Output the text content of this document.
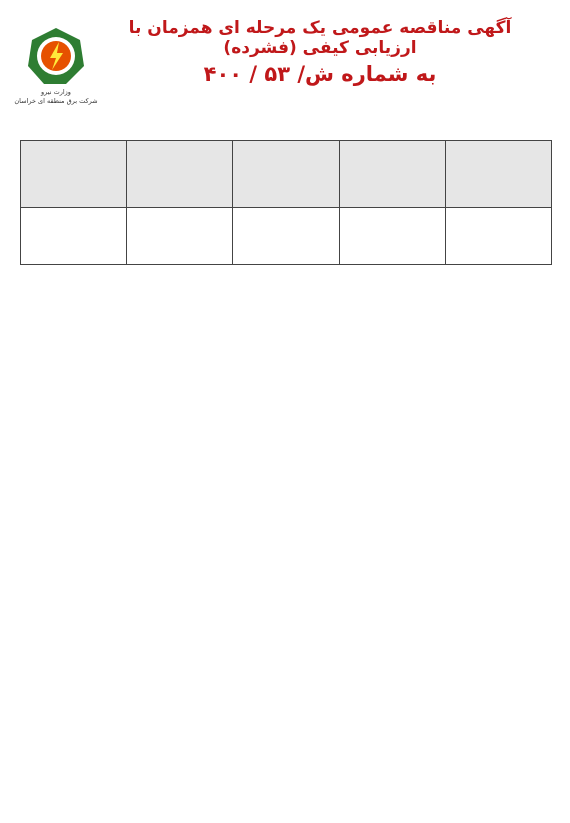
وزارت نیرو
شرکت برق منطقه ای خراسان
آگهی مناقصه عمومی یک مرحله ای همزمان با ارزیابی کیفی (فشرده)
به شماره ش/ ۵۳ / ۴۰۰
